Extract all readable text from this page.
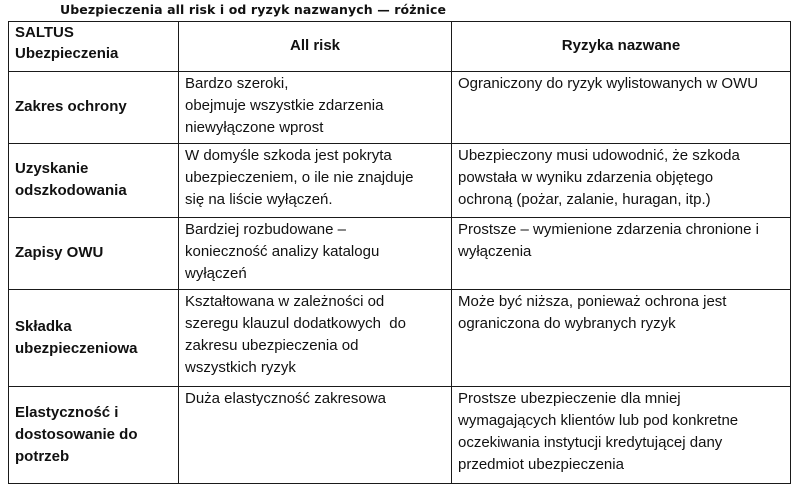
Ubezpieczenia all risk i od ryzyk nazwanych — różnice
SALTUS
Ubezpieczenia	All risk	Ryzyka nazwane

Zakres ochrony	Bardzo szeroki,
obejmuje wszystkie zdarzenia
niewyłączone wprost	Ograniczony do ryzyk wylistowanych w OWU

Uzyskanie
odszkodowania	W domyśle szkoda jest pokryta
ubezpieczeniem, o ile nie znajduje
się na liście wyłączeń.	Ubezpieczony musi udowodnić, że szkoda
powstała w wyniku zdarzenia objętego
ochroną (pożar, zalanie, huragan, itp.)

Zapisy OWU	Bardziej rozbudowane –
konieczność analizy katalogu
wyłączeń	Prostsze – wymienione zdarzenia chronione i
wyłączenia

Składka
ubezpieczeniowa	Kształtowana w zależności od
szeregu klauzul dodatkowych  do
zakresu ubezpieczenia od
wszystkich ryzyk	Może być niższa, ponieważ ochrona jest
ograniczona do wybranych ryzyk

Elastyczność i
dostosowanie do
potrzeb	Duża elastyczność zakresowa	Prostsze ubezpieczenie dla mniej
wymagających klientów lub pod konkretne
oczekiwania instytucji kredytującej dany
przedmiot ubezpieczenia
